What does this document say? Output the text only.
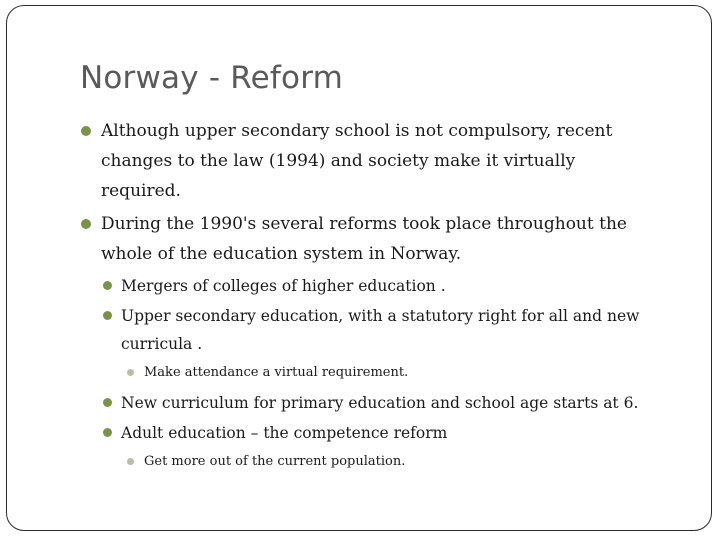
Norway - Reform
Although upper secondary school is not compulsory, recent changes to the law (1994) and society make it virtually required.
During the 1990's several reforms took place throughout the whole of the education system in Norway.
Mergers of colleges of higher education .
Upper secondary education, with a statutory right for all and new curricula .
Make attendance a virtual requirement.
New curriculum for primary education and school age starts at 6.
Adult education – the competence reform
Get more out of the current population.
